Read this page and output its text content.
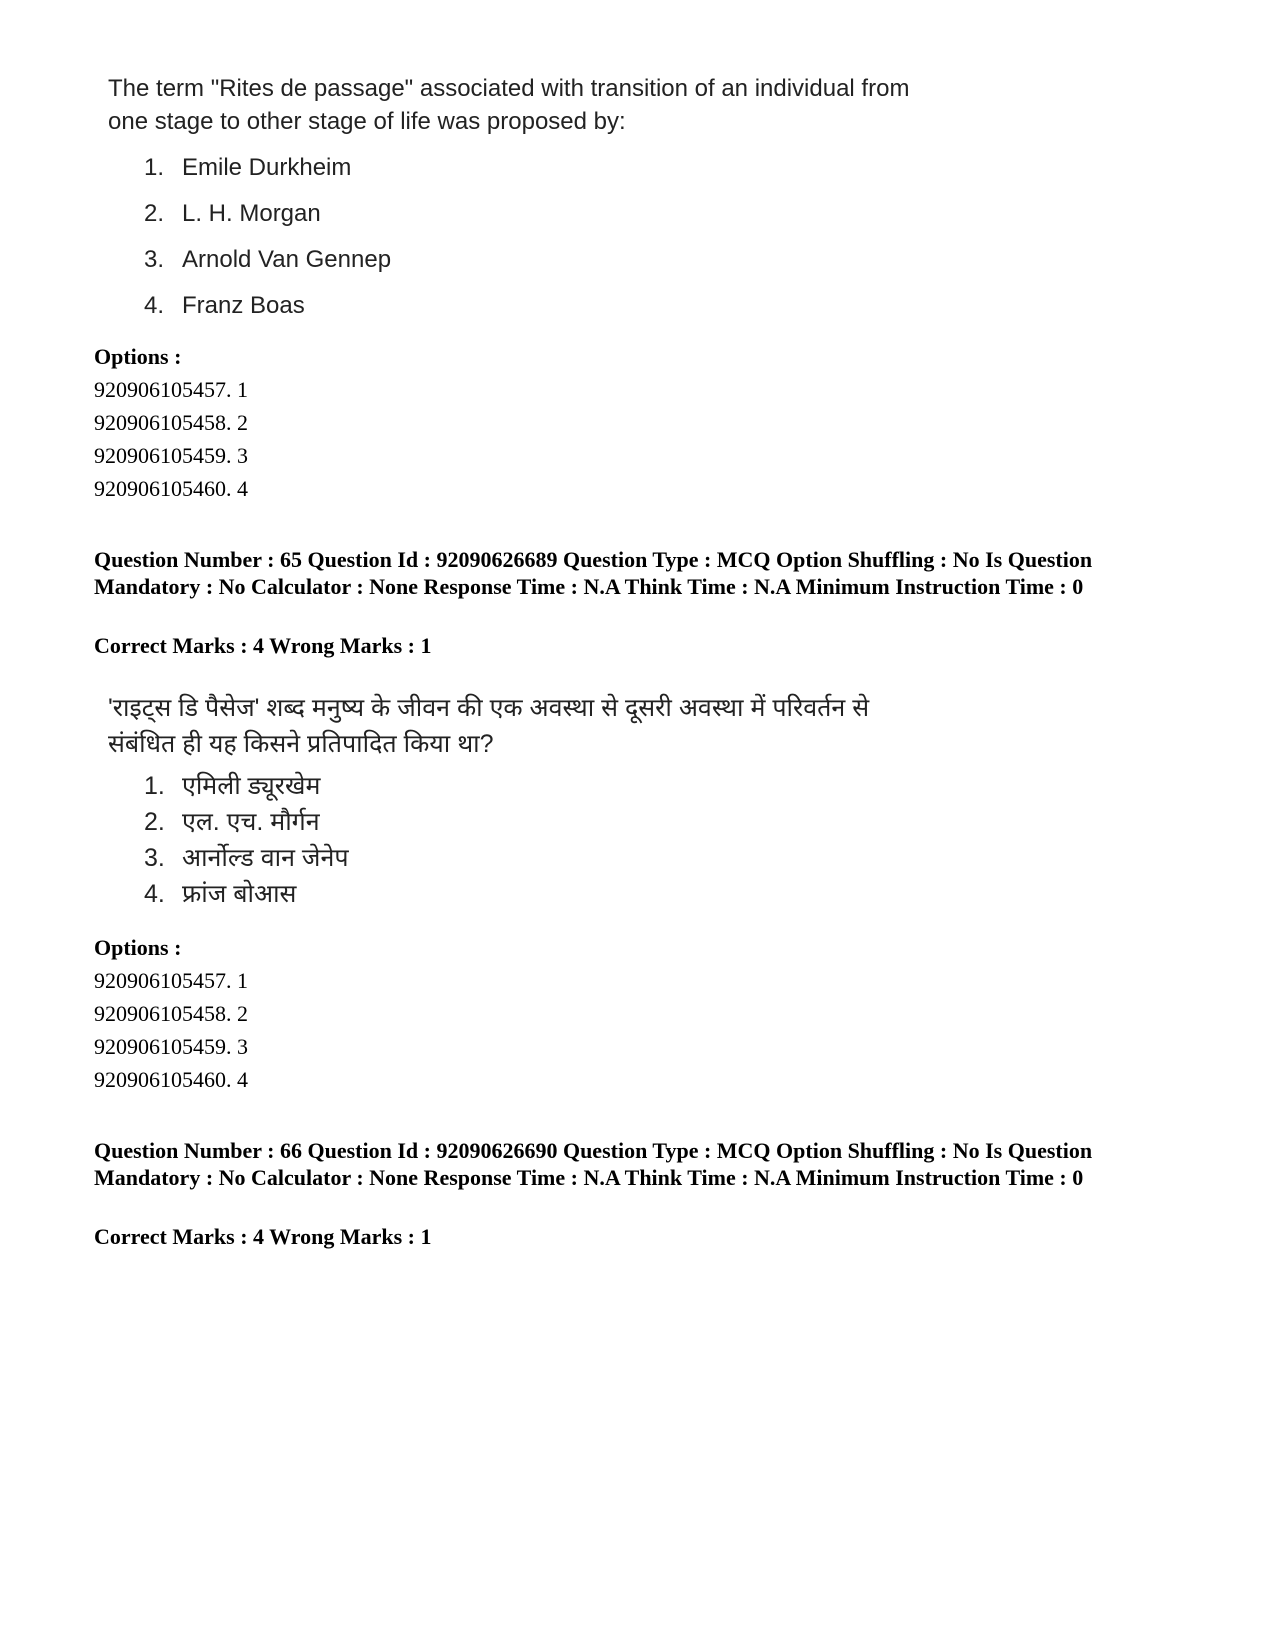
The term "Rites de passage" associated with transition of an individual from

one stage to other stage of life was proposed by:

1. Emile Durkheim
2. L. H. Morgan
3. Arnold Van Gennep
4. Franz Boas
Options :
920906105457. 1
920906105458. 2
920906105459. 3
920906105460. 4
Question Number : 65 Question Id : 92090626689 Question Type : MCQ Option Shuffling : No Is Question Mandatory : No Calculator : None Response Time : N.A Think Time : N.A Minimum Instruction Time : 0
Correct Marks : 4 Wrong Marks : 1

'राइट्स डि पैसेज' शब्द मनुष्य के जीवन की एक अवस्था से दूसरी अवस्था में परिवर्तन से

संबंधित ही यह किसने प्रतिपादित किया था?

1. एमिली ड्यूरखेम
2. एल. एच. मौर्गन
3. आर्नोल्ड वान जेनेप
4. फ्रांज बोआस
Options :
920906105457. 1
920906105458. 2
920906105459. 3
920906105460. 4
Question Number : 66 Question Id : 92090626690 Question Type : MCQ Option Shuffling : No Is Question Mandatory : No Calculator : None Response Time : N.A Think Time : N.A Minimum Instruction Time : 0
Correct Marks : 4 Wrong Marks : 1
